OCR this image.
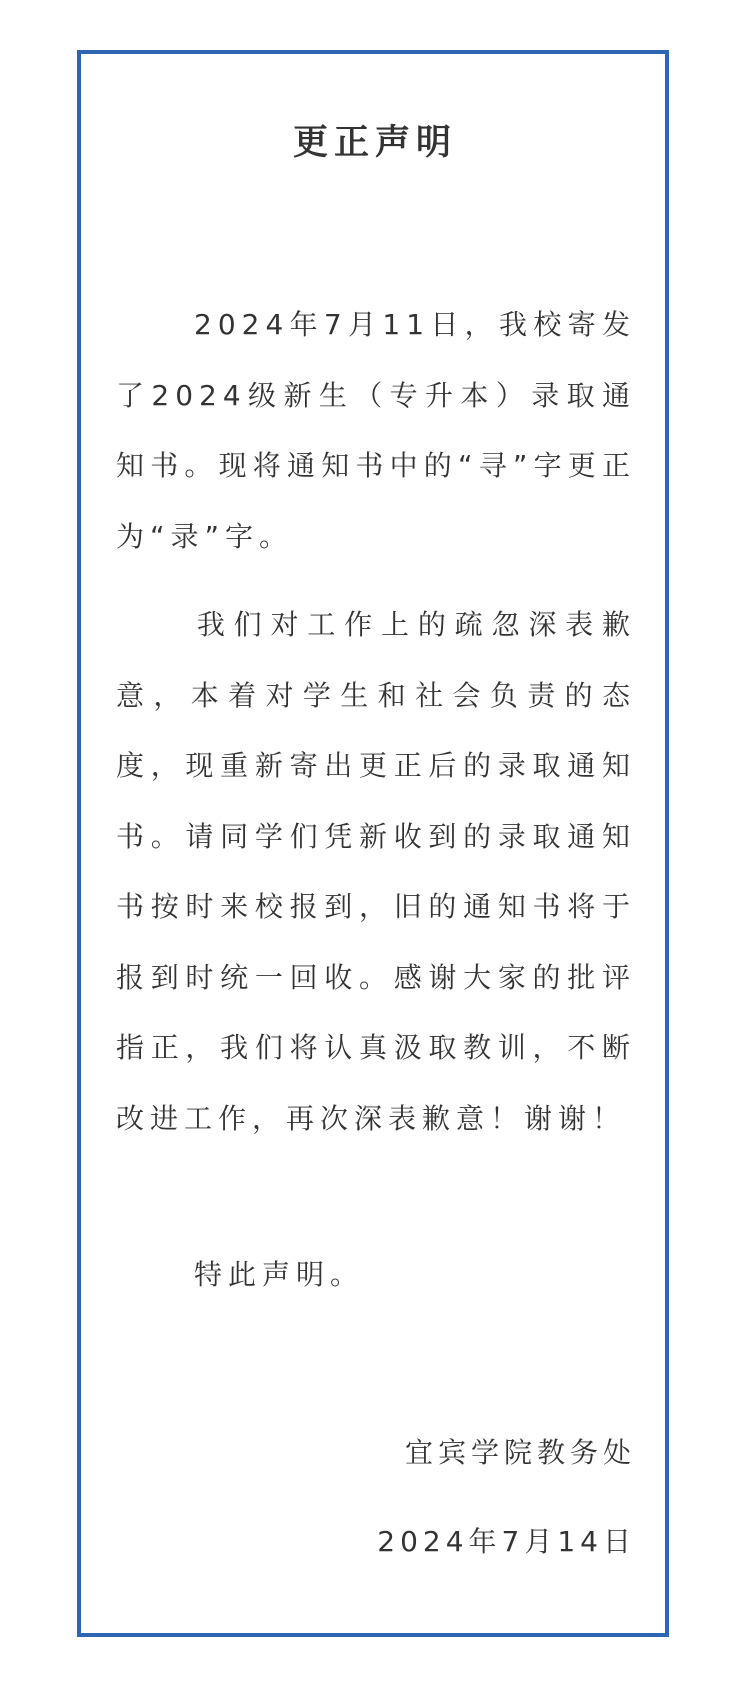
更正声明

2024年7月11日，我校寄发了2024级新生（专升本）录取通知书。现将通知书中的“寻”字更正为“录”字。

我们对工作上的疏忽深表歉意，本着对学生和社会负责的态度，现重新寄出更正后的录取通知书。请同学们凭新收到的录取通知书按时来校报到，旧的通知书将于报到时统一回收。感谢大家的批评指正，我们将认真汲取教训，不断改进工作，再次深表歉意！谢谢！

特此声明。

宜宾学院教务处
2024年7月14日
